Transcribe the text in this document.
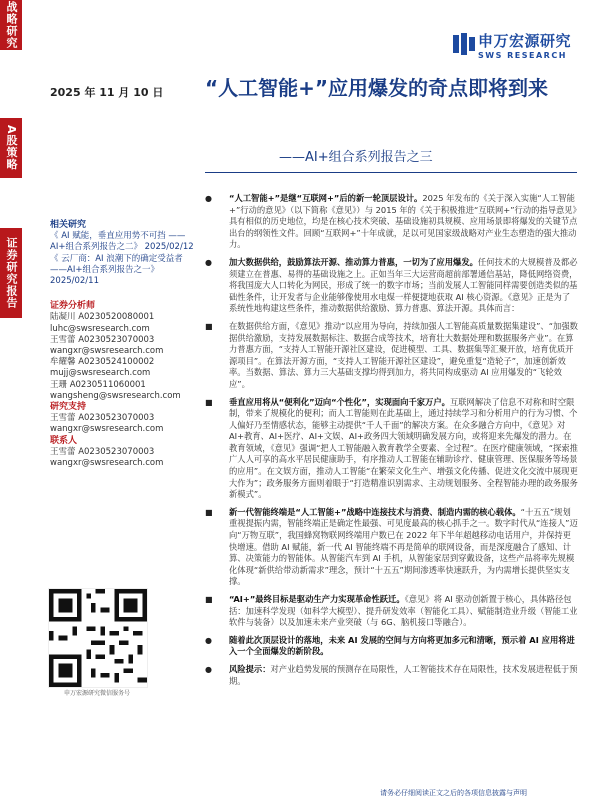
战略研究
A股策略
证券研究报告
申万宏源研究
SWS RESEARCH
2025 年 11 月 10 日 “人工智能+”应用爆发的奇点即将到来
——AI+组合系列报告之三
相关研究
《 AI 赋能，垂直应用势不可挡 ——AI+组合系列报告之二》 2025/02/12
《 云厂商：AI 浪潮下的确定受益者——AI+组合系列报告之一》 2025/02/11
证券分析师
陆凝川 A0230520080001
luhc@swsresearch.com
王雪蕾 A0230523070003
wangxr@swsresearch.com
牟耀馨 A0230524100002
mujj@swsresearch.com
王珊 A0230511060001
wangsheng@swsresearch.com
研究支持
王雪蕾 A0230523070003
wangxr@swsresearch.com
联系人
王雪蕾 A0230523070003
wangxr@swsresearch.com
申万宏源研究微信服务号
● “人工智能+”是继“互联网+”后的新一轮顶层设计。2025 年发布的《关于深入实施“人工智能+”行动的意见》（以下简称《意见》）与 2015 年的《关于积极推进“互联网+”行动的指导意见》具有相似的历史地位，均是在核心技术突破、基础设施初具规模、应用场景即将爆发的关键节点出台的纲领性文件。回顾“互联网+”十年成就，足以可见国家级战略对产业生态塑造的强大推动力。
● 加大数据供给，鼓励算法开源、推动算力普惠，一切为了应用爆发。任何技术的大规模普及都必须建立在普惠、易得的基础设施之上。正如当年三大运营商超前部署通信基站，降低网络资费，将我国庞大人口转化为网民，形成了统一的数字市场；当前发展人工智能同样需要创造类似的基础性条件，让开发者与企业能够像使用水电煤一样便捷地获取 AI 核心资源。《意见》正是为了系统性地构建这些条件，推动数据供给激励、算力普惠、算法开源。具体而言：
■ 在数据供给方面，《意见》推动“以应用为导向，持续加强人工智能高质量数据集建设”、“加强数据供给激励，支持发展数据标注、数据合成等技术，培育壮大数据处理和数据服务产业”。在算力普惠方面，“支持人工智能开源社区建设，促进模型、工具、数据集等汇聚开放，培育优质开源项目”。在算法开源方面，“支持人工智能开源社区建设”，避免重复“造轮子”，加速创新效率。当数据、算法、算力三大基础支撑均得到加力，将共同构成驱动 AI 应用爆发的“飞轮效应”。
■ 垂直应用将从“便利化”迈向“个性化”，实现面向千家万户。互联网解决了信息不对称和时空限制，带来了规模化的便利；而人工智能则在此基础上，通过持续学习和分析用户的行为习惯、个人偏好乃至情感状态，能够主动提供“千人千面”的解决方案。在众多融合方向中，《意见》对 AI+教育、AI+医疗、AI+文娱、AI+政务四大领域明确发展方向，或将迎来先爆发的潜力。在教育领域，《意见》强调“把人工智能融入教育教学全要素、全过程”。在医疗健康领域，“探索推广人人可享的高水平居民健康助手，有序推动人工智能在辅助诊疗、健康管理、医保服务等场景的应用”。在文娱方面，推动人工智能“在繁荣文化生产、增强文化传播、促进文化交流中展现更大作为”；政务服务方面则着眼于“打造精准识别需求、主动规划服务、全程智能办理的政务服务新模式”。
■ 新一代智能终端是“人工智能+”战略中连接技术与消费、制造内需的核心载体。“十五五”规划重视提振内需，智能终端正是确定性最强、可见度最高的核心抓手之一。数字时代从“连接人”迈向“万物互联”，我国蜂窝物联网终端用户数已在 2022 年下半年超越移动电话用户，并保持更快增速。借助 AI 赋能，新一代 AI 智能终端不再是简单的联网设备，而是深度融合了感知、计算、决策能力的智能体。从智能汽车到 AI 手机，从智能家居到穿戴设备，这些产品将率先规模化体现“新供给带动新需求”理念，预计“十五五”期间渗透率快速跃升，为内需增长提供坚实支撑。
■ “AI+”最终目标是驱动生产力实现革命性跃迁。《意见》将 AI 驱动创新置于核心，具体路径包括：加速科学发现（如科学大模型）、提升研发效率（智能化工具）、赋能制造业升级（智能工业软件与装备）以及加速未来产业突破（与 6G、脑机接口等融合）。
● 随着此次顶层设计的落地，未来 AI 发展的空间与方向将更加多元和清晰，预示着 AI 应用将进入一个全面爆发的新阶段。
● 风险提示：对产业趋势发展的预测存在局限性，人工智能技术存在局限性，技术发展进程低于预期。
请务必仔细阅读正文之后的各项信息披露与声明
